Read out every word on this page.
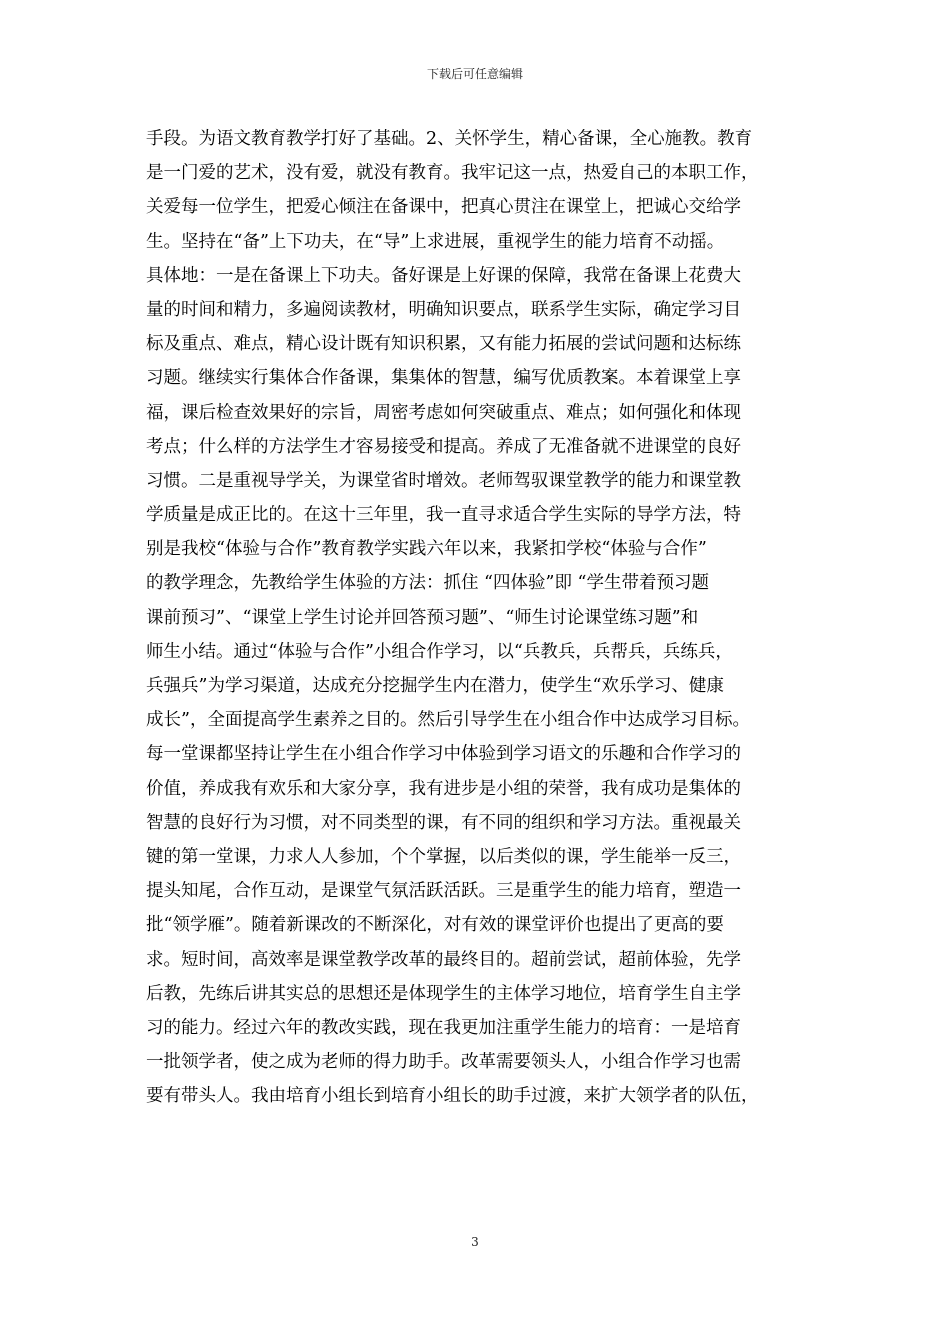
下载后可任意编辑
手段。为语文教育教学打好了基础。2、关怀学生，精心备课，全心施教。教育
是一门爱的艺术，没有爱，就没有教育。我牢记这一点，热爱自己的本职工作，
关爱每一位学生，把爱心倾注在备课中，把真心贯注在课堂上，把诚心交给学
生。坚持在“备”上下功夫，在“导”上求进展，重视学生的能力培育不动摇。
具体地：一是在备课上下功夫。备好课是上好课的保障，我常在备课上花费大
量的时间和精力，多遍阅读教材，明确知识要点，联系学生实际，确定学习目
标及重点、难点，精心设计既有知识积累，又有能力拓展的尝试问题和达标练
习题。继续实行集体合作备课，集集体的智慧，编写优质教案。本着课堂上享
福，课后检查效果好的宗旨，周密考虑如何突破重点、难点；如何强化和体现
考点；什么样的方法学生才容易接受和提高。养成了无准备就不进课堂的良好
习惯。二是重视导学关，为课堂省时增效。老师驾驭课堂教学的能力和课堂教
学质量是成正比的。在这十三年里，我一直寻求适合学生实际的导学方法，特
别是我校“体验与合作”教育教学实践六年以来，我紧扣学校“体验与合作”
的教学理念，先教给学生体验的方法：抓住 “四体验”即 “学生带着预习题
课前预习”、“课堂上学生讨论并回答预习题”、“师生讨论课堂练习题”和
师生小结。通过“体验与合作”小组合作学习，以“兵教兵，兵帮兵，兵练兵，
兵强兵”为学习渠道，达成充分挖掘学生内在潜力，使学生“欢乐学习、健康
成长”，全面提高学生素养之目的。然后引导学生在小组合作中达成学习目标。
每一堂课都坚持让学生在小组合作学习中体验到学习语文的乐趣和合作学习的
价值，养成我有欢乐和大家分享，我有进步是小组的荣誉，我有成功是集体的
智慧的良好行为习惯，对不同类型的课，有不同的组织和学习方法。重视最关
键的第一堂课，力求人人参加，个个掌握，以后类似的课，学生能举一反三，
提头知尾，合作互动，是课堂气氛活跃活跃。三是重学生的能力培育，塑造一
批“领学雁”。随着新课改的不断深化，对有效的课堂评价也提出了更高的要
求。短时间，高效率是课堂教学改革的最终目的。超前尝试，超前体验，先学
后教，先练后讲其实总的思想还是体现学生的主体学习地位，培育学生自主学
习的能力。经过六年的教改实践，现在我更加注重学生能力的培育：一是培育
一批领学者，使之成为老师的得力助手。改革需要领头人，小组合作学习也需
要有带头人。我由培育小组长到培育小组长的助手过渡，来扩大领学者的队伍，
3
